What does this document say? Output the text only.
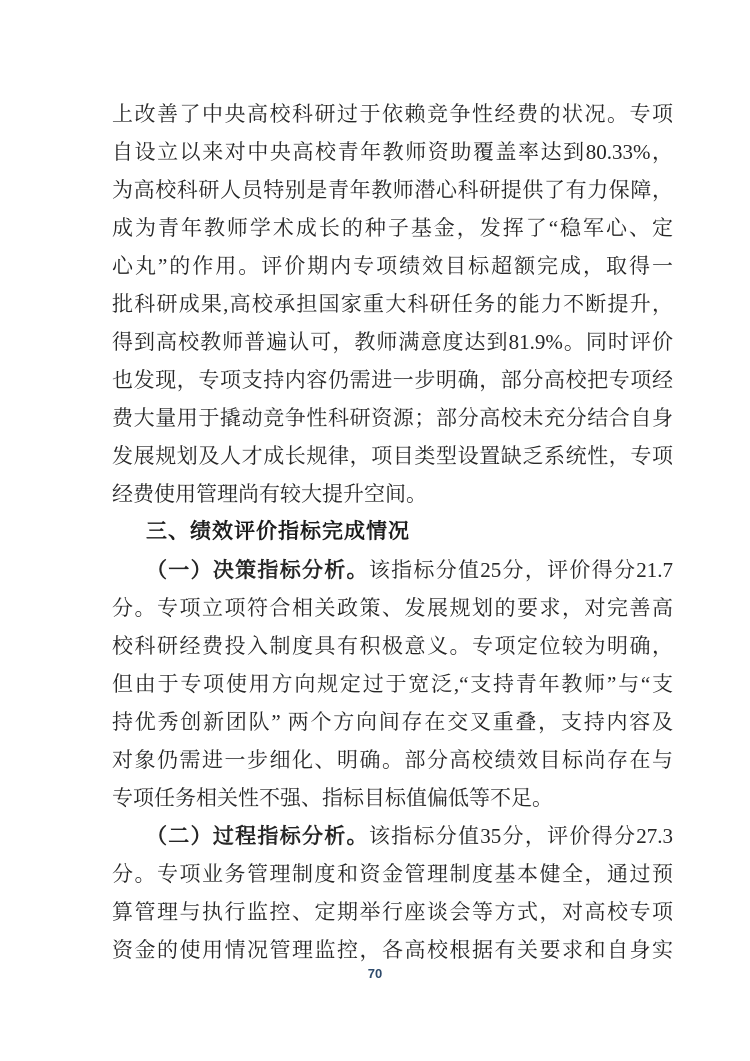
上改善了中央高校科研过于依赖竞争性经费的状况。专项
自设立以来对中央高校青年教师资助覆盖率达到80.33%，
为高校科研人员特别是青年教师潜心科研提供了有力保障，
成为青年教师学术成长的种子基金，发挥了“稳军心、定
心丸”的作用。评价期内专项绩效目标超额完成，取得一
批科研成果,高校承担国家重大科研任务的能力不断提升，
得到高校教师普遍认可，教师满意度达到81.9%。同时评价
也发现，专项支持内容仍需进一步明确，部分高校把专项经
费大量用于撬动竞争性科研资源；部分高校未充分结合自身
发展规划及人才成长规律，项目类型设置缺乏系统性，专项
经费使用管理尚有较大提升空间。
三、绩效评价指标完成情况
（一）决策指标分析。该指标分值25分，评价得分21.7
分。专项立项符合相关政策、发展规划的要求，对完善高
校科研经费投入制度具有积极意义。专项定位较为明确，
但由于专项使用方向规定过于宽泛,“支持青年教师”与“支
持优秀创新团队” 两个方向间存在交叉重叠，支持内容及
对象仍需进一步细化、明确。部分高校绩效目标尚存在与
专项任务相关性不强、指标目标值偏低等不足。
（二）过程指标分析。该指标分值35分，评价得分27.3
分。专项业务管理制度和资金管理制度基本健全，通过预
算管理与执行监控、定期举行座谈会等方式，对高校专项
资金的使用情况管理监控，各高校根据有关要求和自身实
70
